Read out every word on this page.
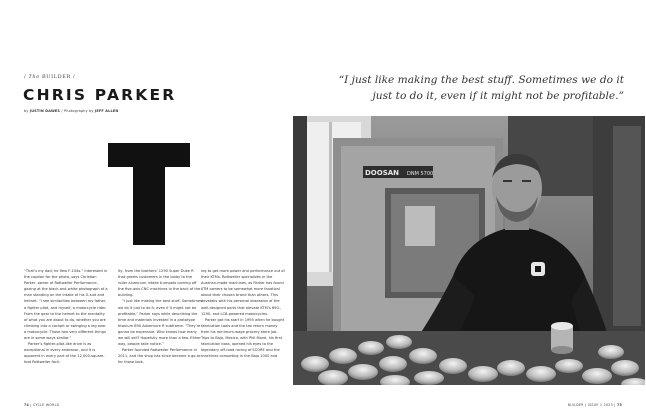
/ The BUILDER /
CHRIS PARKER
by JUSTIN DAWES / Photography by JEFF ALLEN
“I just like making the best stuff. Sometimes we do it just to do it, even if it might not be profitable.”

“That’s my dad; he flew F-104s.” Interested in the caption for the photo, says Christian Parker, owner of Rottweiler Performance, gazing at the black-and-white photograph of a man standing on the intake of his G-suit and helmet. “I see similarities between my father, a fighter pilot, and myself, a motorcycle rider. From the gear to the helmet to the mentality of what you are about to do, whether you are climbing into a cockpit or swinging a leg over a motorcycle. Those two very different things are in some ways similar.”

Parker’s fighter-pilot-like drive is as exceptional in every endeavor, and it is apparent in every part of the 12,000-square-foot Rottweiler facil-

ity, from the brothers’ 1290 Super Duke R that greets customers in the lobby to the roller aluminum intake trumpets coming off the five-axis CNC machines in the back of the building.

“I just like making the best stuff. Sometimes we do it just to do it, even if it might not be profitable,” Parker says while describing the time and materials invested in a prototype titanium 890 Adventure R subframe. “They’re gonna be expensive. Who knows how many we will sell? Hopefully more than a few. Either way, people take notice.”

Parker founded Rottweiler Performance in 2011, and the shop has since become a go-to for those look-

ing to get more power and performance out of their KTMs. Rottweiler specializes in the Austrian-made machines, as Parker has found KTM owners to be somewhat more fanatical about their chosen brand than others. This dovetails with his personal obsession of the well-designed parts that elevate KTM’s 690-, 1290- and LC8-powered motorcycles.

Parker got his start in 1995 when he bought fabrication tools and the tax return money from his minimum-wage grocery store job. Trips to Baja, Mexico, with Phil Morel, his first fabrication boss, opened his eyes to the legendary off-road racing of SCORE and the machines competing in the Baja 1000 and

DOOSAN DNM 5700
74 | CYCLE WORLD	BUILDER | ISSUE 1 2023 | 75
